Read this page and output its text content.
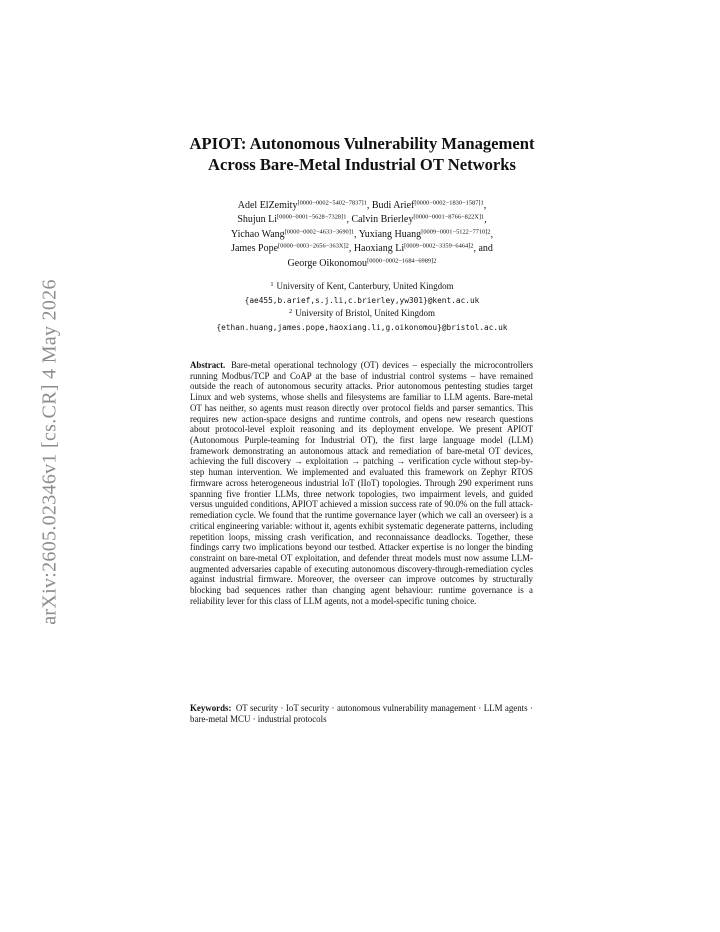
arXiv:2605.02346v1 [cs.CR] 4 May 2026
APIOT: Autonomous Vulnerability Management
Across Bare-Metal Industrial OT Networks
Adel ElZemity$^{[0000-0002-5402-7837]1}$, Budi Arief$^{[0000-0002-1830-1587]1}$,
Shujun $Li^{[0000-0001-5628-7328]1}$, Calvin Brierley$^{[0000-0001-8766-822X]1}$,
Yichao Wang$^{[0000-0002-4633-3690]1}$, Yuxiang Huang$^{[0009-0001-5122-7710]2}$,
James Pope$^{[0000-0003-2656-363X]2}$, Haoxiang $Li^{[0009-0002-3359-6464]2}$, and
George Oikonomou$^{[0000-0002-1684-6989]2}$
$^1$ University of Kent, Canterbury, United Kingdom
{ae455,b.arief,s.j.li,c.brierley,yw301}@kent.ac.uk
$^2$ University of Bristol, United Kingdom
{ethan.huang,james.pope,haoxiang.li,g.oikonomou}@bristol.ac.uk

Abstract. Bare-metal operational technology (OT) devices – especially the microcontrollers running Modbus/TCP and CoAP at the base of industrial control systems – have remained outside the reach of autonomous security attacks. Prior autonomous pentesting studies target Linux and web systems, whose shells and filesystems are familiar to LLM agents. Bare-metal OT has neither, so agents must reason directly over protocol fields and parser semantics. This requires new action-space designs and runtime controls, and opens new research questions about protocol-level exploit reasoning and its deployment envelope. We present APIOT (Autonomous Purple-teaming for Industrial OT), the first large language model (LLM) framework demonstrating an autonomous attack and remediation of bare-metal OT devices, achieving the full discovery → exploitation → patching → verification cycle without step-by-step human intervention. We implemented and evaluated this framework on Zephyr RTOS firmware across heterogeneous industrial IoT (IIoT) topologies. Through 290 experiment runs spanning five frontier LLMs, three network topologies, two impairment levels, and guided versus unguided conditions, APIOT achieved a mission success rate of 90.0% on the full attack-remediation cycle. We found that the runtime governance layer (which we call an overseer) is a critical engineering variable: without it, agents exhibit systematic degenerate patterns, including repetition loops, missing crash verification, and reconnaissance deadlocks. Together, these findings carry two implications beyond our testbed. Attacker expertise is no longer the binding constraint on bare-metal OT exploitation, and defender threat models must now assume LLM-augmented adversaries capable of executing autonomous discovery-through-remediation cycles against industrial firmware. Moreover, the overseer can improve outcomes by structurally blocking bad sequences rather than changing agent behaviour: runtime governance is a reliability lever for this class of LLM agents, not a model-specific tuning choice.

Keywords: OT security · IoT security · autonomous vulnerability management · LLM agents · bare-metal MCU · industrial protocols
